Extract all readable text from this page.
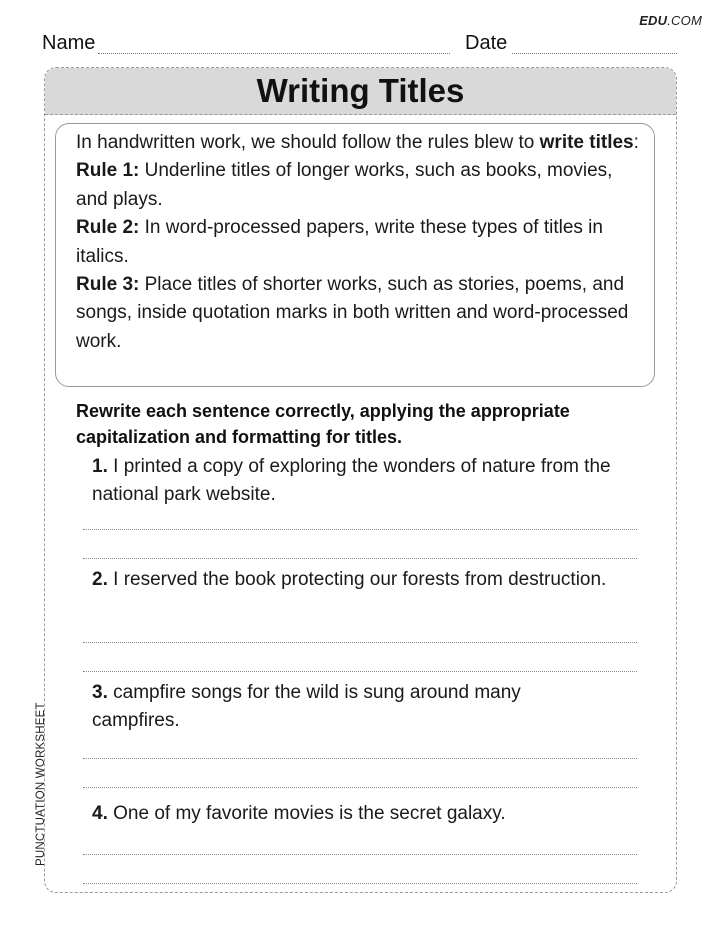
EDU.COM
Name	Date
Writing Titles

In handwritten work, we should follow the rules blew to write titles:

Rule 1: Underline titles of longer works, such as books, movies, and plays.

Rule 2: In word-processed papers, write these types of titles in italics.

Rule 3: Place titles of shorter works, such as stories, poems, and songs, inside quotation marks in both written and word-processed work.

Rewrite each sentence correctly, applying the appropriate capitalization and formatting for titles.
1. I printed a copy of exploring the wonders of nature from the national park website.
2. I reserved the book protecting our forests from destruction.
3. campfire songs for the wild is sung around many campfires.
4. One of my favorite movies is the secret galaxy.
PUNCTUATION WORKSHEET
